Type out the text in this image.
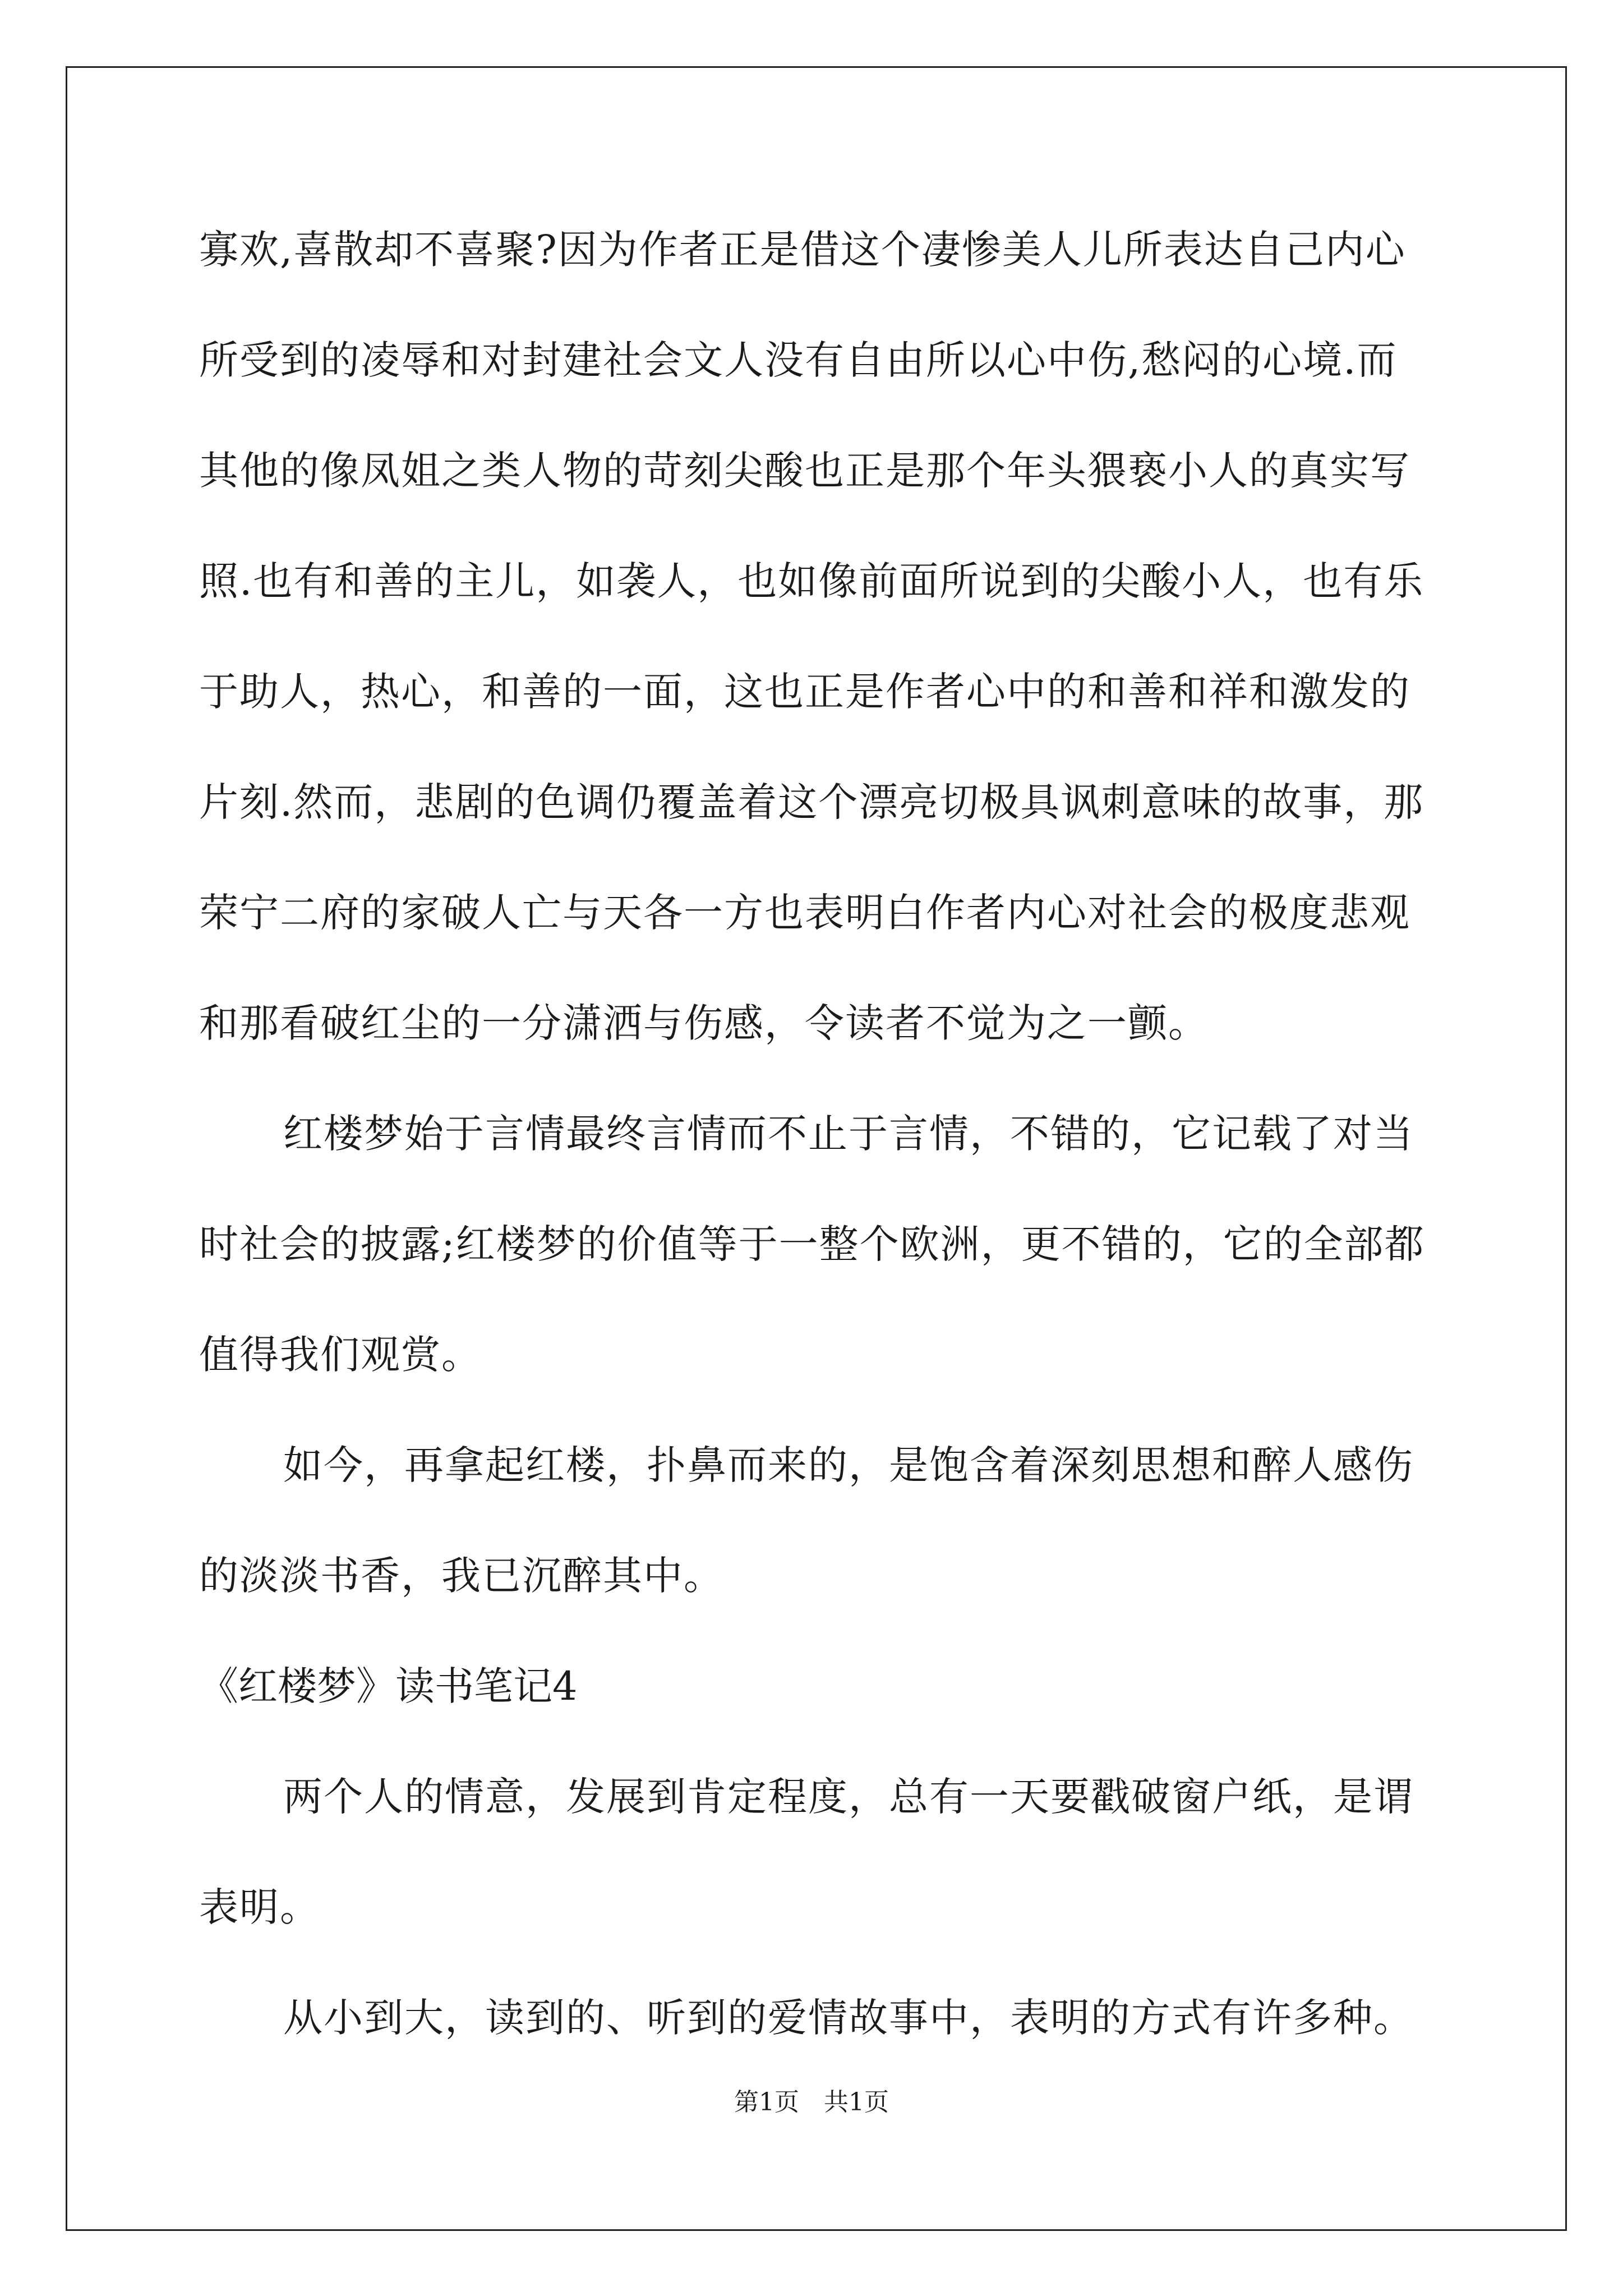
寡欢,喜散却不喜聚?因为作者正是借这个凄惨美人儿所表达自己内心
所受到的凌辱和对封建社会文人没有自由所以心中伤,愁闷的心境.而
其他的像凤姐之类人物的苛刻尖酸也正是那个年头猥亵小人的真实写
照.也有和善的主儿，如袭人，也如像前面所说到的尖酸小人，也有乐
于助人，热心，和善的一面，这也正是作者心中的和善和祥和激发的
片刻.然而，悲剧的色调仍覆盖着这个漂亮切极具讽刺意味的故事，那
荣宁二府的家破人亡与天各一方也表明白作者内心对社会的极度悲观
和那看破红尘的一分潇洒与伤感，令读者不觉为之一颤。
红楼梦始于言情最终言情而不止于言情，不错的，它记载了对当
时社会的披露;红楼梦的价值等于一整个欧洲，更不错的，它的全部都
值得我们观赏。
如今，再拿起红楼，扑鼻而来的，是饱含着深刻思想和醉人感伤
的淡淡书香，我已沉醉其中。
《红楼梦》读书笔记4
两个人的情意，发展到肯定程度，总有一天要戳破窗户纸，是谓
表明。
从小到大，读到的、听到的爱情故事中，表明的方式有许多种。
第1页　共1页
